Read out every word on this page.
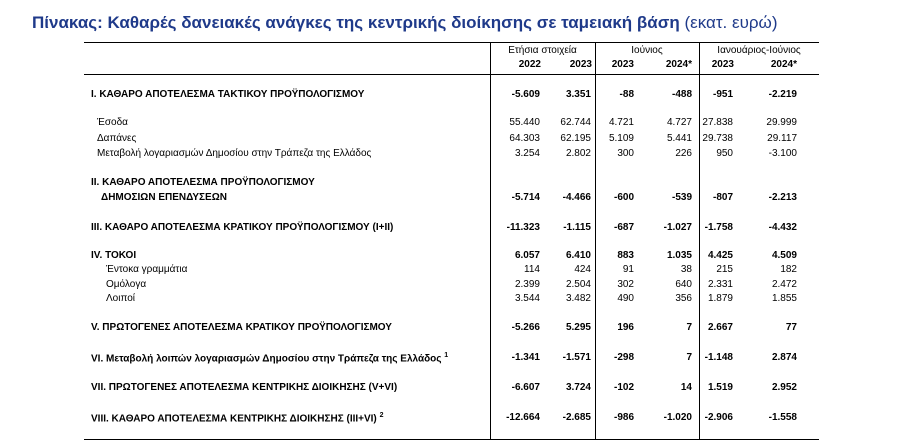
Πίνακας: Καθαρές δανειακές ανάγκες της κεντρικής διοίκησης σε ταμειακή βάση (εκατ. ευρώ)
Ετήσια στοιχεία	Ιούνιος	Ιανουάριος-Ιούνιος
2022	2023	2023	2024*	2023	2024*
I. ΚΑΘΑΡΟ ΑΠΟΤΕΛΕΣΜΑ ΤΑΚΤΙΚΟΥ ΠΡΟΫΠΟΛΟΓΙΣΜΟΥ	-5.609	3.351	-88	-488	-951	-2.219
Έσοδα	55.440	62.744	4.721	4.727	27.838	29.999
Δαπάνες	64.303	62.195	5.109	5.441	29.738	29.117
Μεταβολή λογαριασμών Δημοσίου στην Τράπεζα της Ελλάδος	3.254	2.802	300	226	950	-3.100
II. ΚΑΘΑΡΟ ΑΠΟΤΕΛΕΣΜΑ ΠΡΟΫΠΟΛΟΓΙΣΜΟΥ
ΔΗΜΟΣΙΩΝ ΕΠΕΝΔΥΣΕΩΝ	-5.714	-4.466	-600	-539	-807	-2.213
III. ΚΑΘΑΡΟ ΑΠΟΤΕΛΕΣΜΑ ΚΡΑΤΙΚΟΥ ΠΡΟΫΠΟΛΟΓΙΣΜΟΥ (I+II)	-11.323	-1.115	-687	-1.027	-1.758	-4.432
IV. ΤΟΚΟΙ	6.057	6.410	883	1.035	4.425	4.509
Έντοκα γραμμάτια	114	424	91	38	215	182
Ομόλογα	2.399	2.504	302	640	2.331	2.472
Λοιποί	3.544	3.482	490	356	1.879	1.855
V. ΠΡΩΤΟΓΕΝΕΣ ΑΠΟΤΕΛΕΣΜΑ ΚΡΑΤΙΚΟΥ ΠΡΟΫΠΟΛΟΓΙΣΜΟΥ	-5.266	5.295	196	7	2.667	77
VI. Μεταβολή λοιπών λογαριασμών Δημοσίου στην Τράπεζα της Ελλάδος $^1$	-1.341	-1.571	-298	7	-1.148	2.874
VII. ΠΡΩΤΟΓΕΝΕΣ ΑΠΟΤΕΛΕΣΜΑ ΚΕΝΤΡΙΚΗΣ ΔΙΟΙΚΗΣΗΣ (V+VI)	-6.607	3.724	-102	14	1.519	2.952
VIII. ΚΑΘΑΡΟ ΑΠΟΤΕΛΕΣΜΑ ΚΕΝΤΡΙΚΗΣ ΔΙΟΙΚΗΣΗΣ (III+VI) $^2$	-12.664	-2.685	-986	-1.020	-2.906	-1.558
